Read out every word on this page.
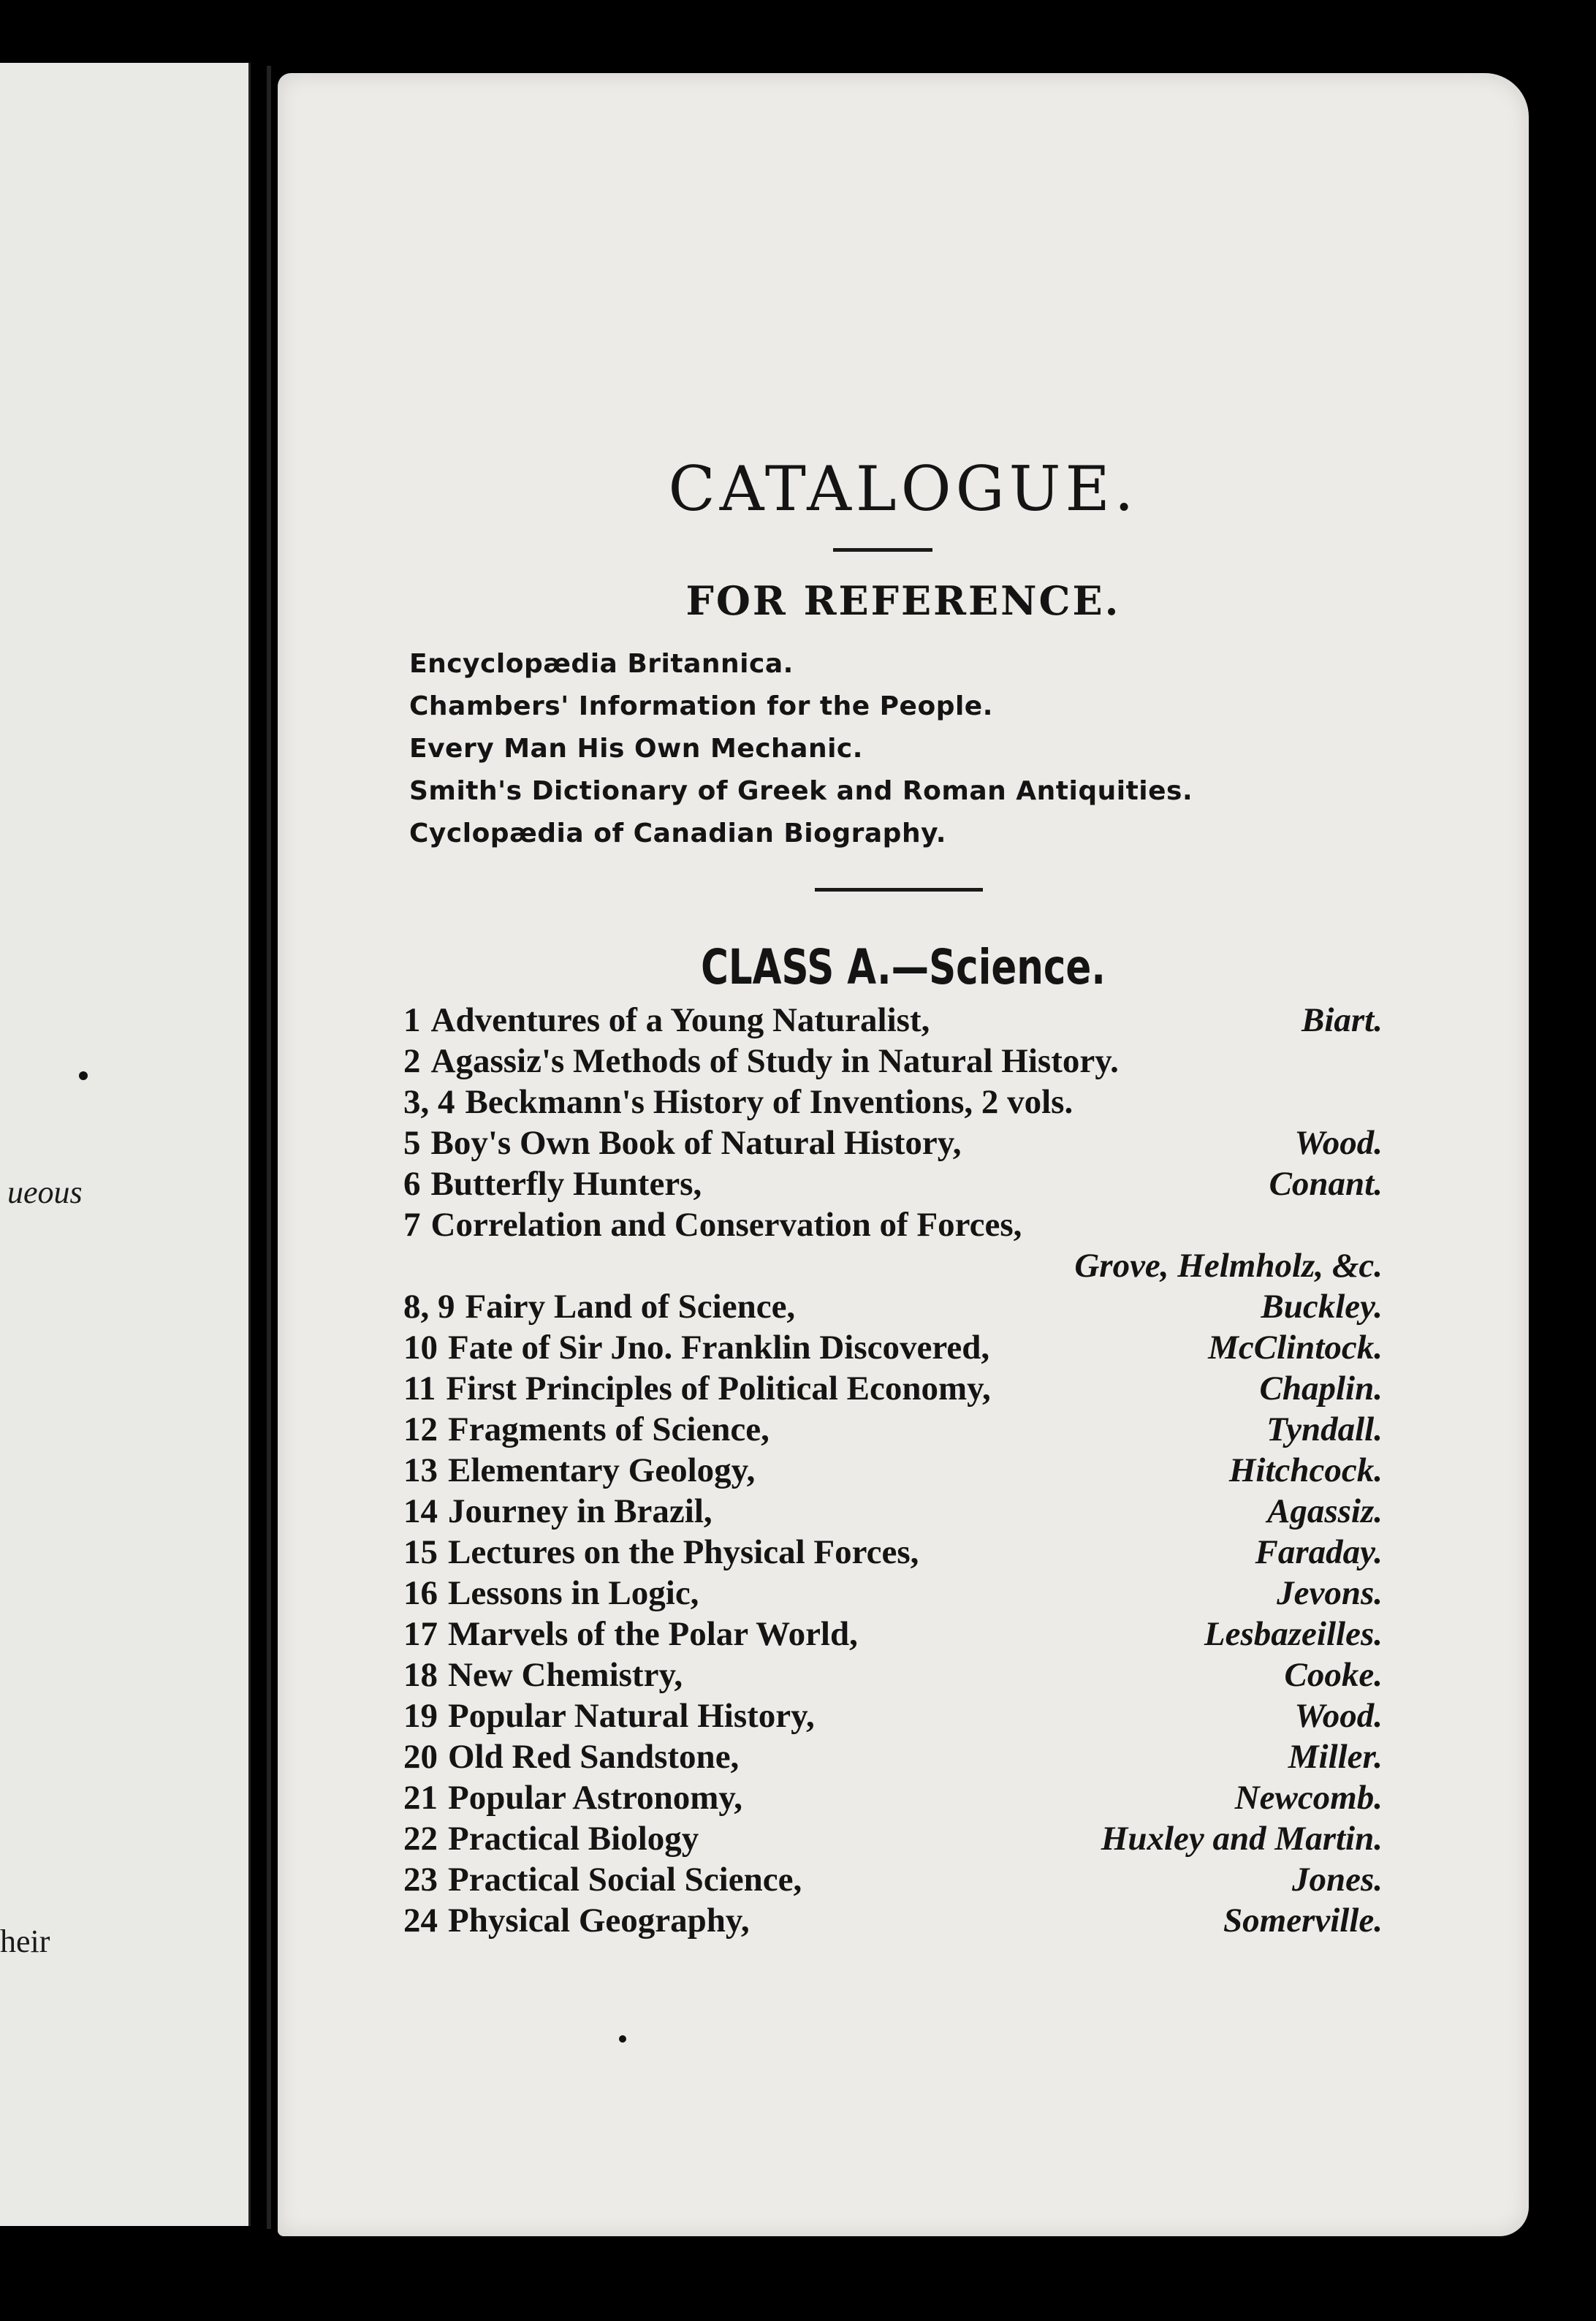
ueous
heir
CATALOGUE.
FOR REFERENCE.
Encyclopædia Britannica.
Chambers' Information for the People.
Every Man His Own Mechanic.
Smith's Dictionary of Greek and Roman Antiquities.
Cyclopædia of Canadian Biography.
CLASS A.—Science.
1 Adventures of a Young Naturalist,	Biart.
2 Agassiz's Methods of Study in Natural History.
3, 4 Beckmann's History of Inventions, 2 vols.
5 Boy's Own Book of Natural History,	Wood.
6 Butterfly Hunters,	Conant.
7 Correlation and Conservation of Forces,
Grove, Helmholz, &c.
8, 9 Fairy Land of Science,	Buckley.
10 Fate of Sir Jno. Franklin Discovered,	McClintock.
11 First Principles of Political Economy,	Chaplin.
12 Fragments of Science,	Tyndall.
13 Elementary Geology,	Hitchcock.
14 Journey in Brazil,	Agassiz.
15 Lectures on the Physical Forces,	Faraday.
16 Lessons in Logic,	Jevons.
17 Marvels of the Polar World,	Lesbazeilles.
18 New Chemistry,	Cooke.
19 Popular Natural History,	Wood.
20 Old Red Sandstone,	Miller.
21 Popular Astronomy,	Newcomb.
22 Practical Biology	Huxley and Martin.
23 Practical Social Science,	Jones.
24 Physical Geography,	Somerville.
